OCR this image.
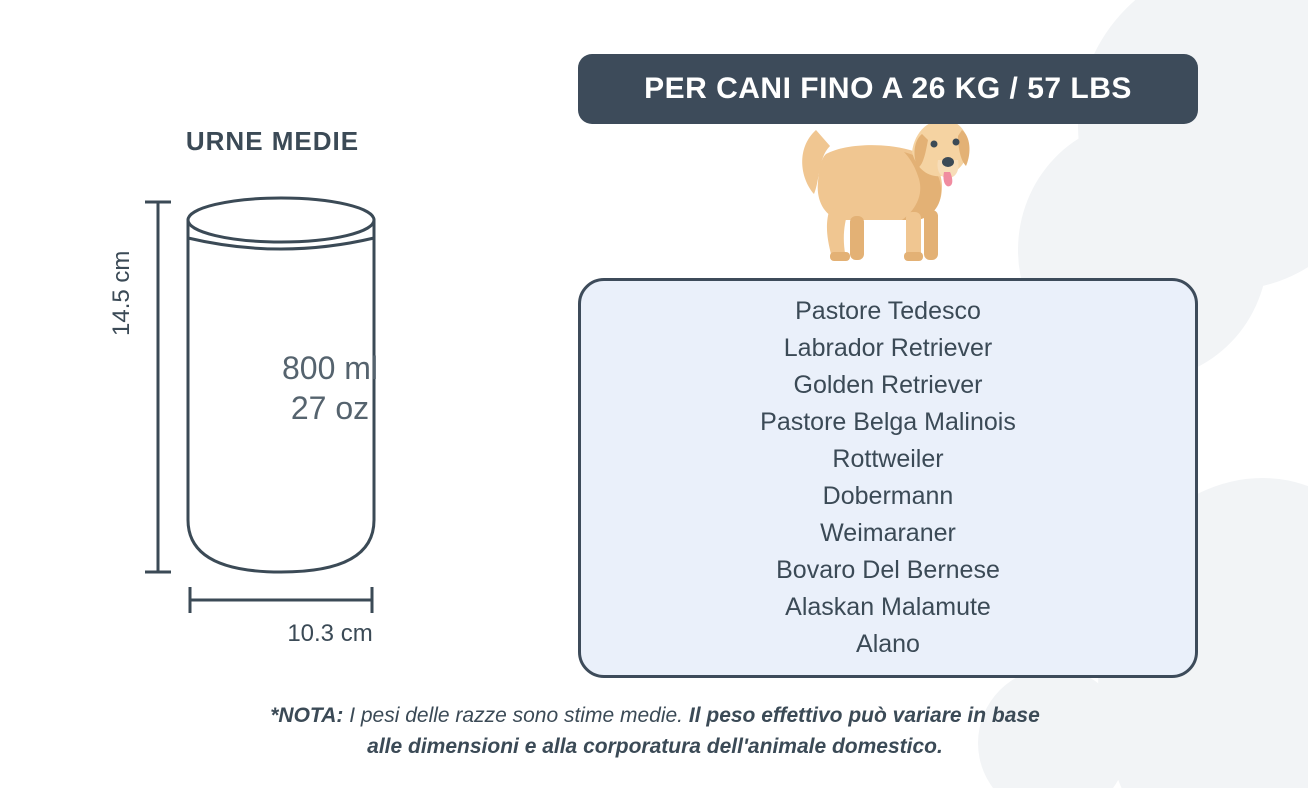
URNE MEDIE
800 ml
27 oz
14.5 cm
10.3 cm
PER CANI FINO A 26 KG / 57 LBS
Pastore Tedesco
Labrador Retriever
Golden Retriever
Pastore Belga Malinois
Rottweiler
Dobermann
Weimaraner
Bovaro Del Bernese
Alaskan Malamute
Alano
*NOTA: I pesi delle razze sono stime medie. Il peso effettivo può variare in base
alle dimensioni e alla corporatura dell'animale domestico.
